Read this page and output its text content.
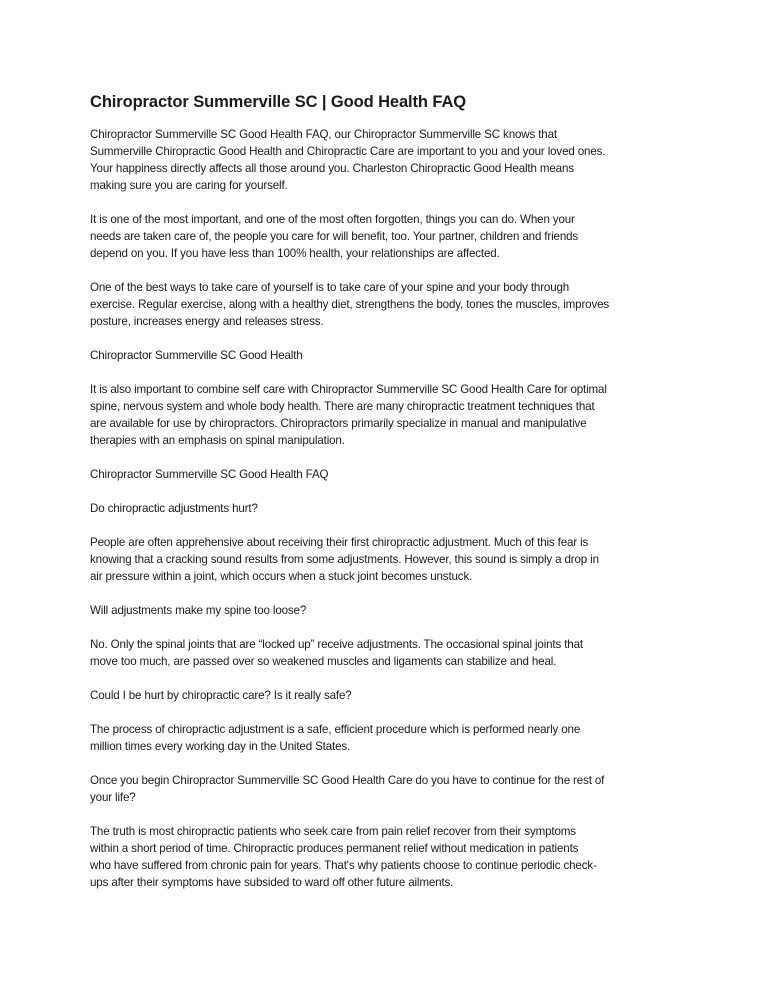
Chiropractor Summerville SC | Good Health FAQ

Chiropractor Summerville SC Good Health FAQ, our Chiropractor Summerville SC knows that
Summerville Chiropractic Good Health and Chiropractic Care are important to you and your loved ones.
Your happiness directly affects all those around you. Charleston Chiropractic Good Health means
making sure you are caring for yourself.

It is one of the most important, and one of the most often forgotten, things you can do. When your
needs are taken care of, the people you care for will benefit, too. Your partner, children and friends
depend on you. If you have less than 100% health, your relationships are affected.

One of the best ways to take care of yourself is to take care of your spine and your body through
exercise. Regular exercise, along with a healthy diet, strengthens the body, tones the muscles, improves
posture, increases energy and releases stress.

Chiropractor Summerville SC Good Health

It is also important to combine self care with Chiropractor Summerville SC Good Health Care for optimal
spine, nervous system and whole body health. There are many chiropractic treatment techniques that
are available for use by chiropractors. Chiropractors primarily specialize in manual and manipulative
therapies with an emphasis on spinal manipulation.

Chiropractor Summerville SC Good Health FAQ

Do chiropractic adjustments hurt?

People are often apprehensive about receiving their first chiropractic adjustment. Much of this fear is
knowing that a cracking sound results from some adjustments. However, this sound is simply a drop in
air pressure within a joint, which occurs when a stuck joint becomes unstuck.

Will adjustments make my spine too loose?

No. Only the spinal joints that are “locked up” receive adjustments. The occasional spinal joints that
move too much, are passed over so weakened muscles and ligaments can stabilize and heal.

Could I be hurt by chiropractic care? Is it really safe?

The process of chiropractic adjustment is a safe, efficient procedure which is performed nearly one
million times every working day in the United States.

Once you begin Chiropractor Summerville SC Good Health Care do you have to continue for the rest of
your life?

The truth is most chiropractic patients who seek care from pain relief recover from their symptoms
within a short period of time. Chiropractic produces permanent relief without medication in patients
who have suffered from chronic pain for years. That's why patients choose to continue periodic check-
ups after their symptoms have subsided to ward off other future ailments.
